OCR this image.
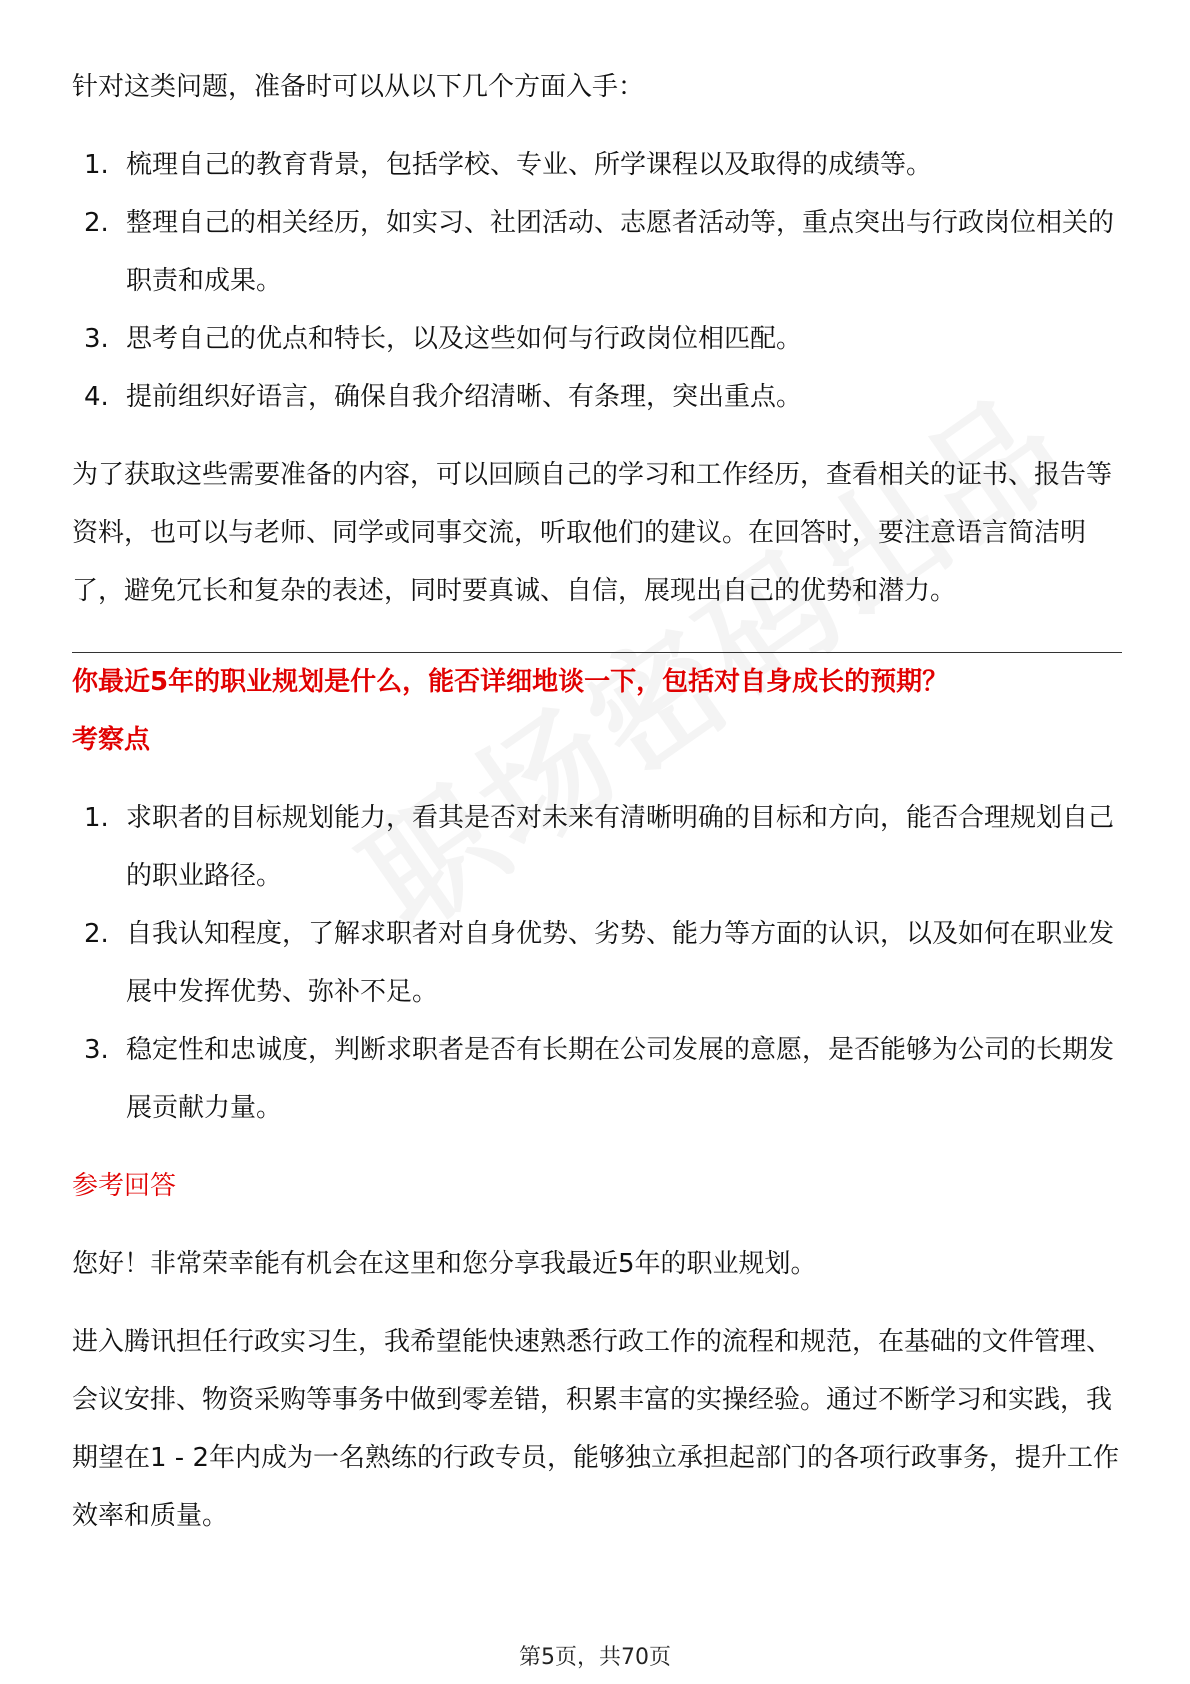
针对这类问题，准备时可以从以下几个方面入手：

1. 梳理自己的教育背景，包括学校、专业、所学课程以及取得的成绩等。
2. 整理自己的相关经历，如实习、社团活动、志愿者活动等，重点突出与行政岗位相关的职责和成果。
3. 思考自己的优点和特长，以及这些如何与行政岗位相匹配。
4. 提前组织好语言，确保自我介绍清晰、有条理，突出重点。

为了获取这些需要准备的内容，可以回顾自己的学习和工作经历，查看相关的证书、报告等资料，也可以与老师、同学或同事交流，听取他们的建议。在回答时，要注意语言简洁明了，避免冗长和复杂的表述，同时要真诚、自信，展现出自己的优势和潜力。

你最近5年的职业规划是什么，能否详细地谈一下，包括对自身成长的预期？

考察点

1. 求职者的目标规划能力，看其是否对未来有清晰明确的目标和方向，能否合理规划自己的职业路径。
2. 自我认知程度，了解求职者对自身优势、劣势、能力等方面的认识，以及如何在职业发展中发挥优势、弥补不足。
3. 稳定性和忠诚度，判断求职者是否有长期在公司发展的意愿，是否能够为公司的长期发展贡献力量。

参考回答

您好！非常荣幸能有机会在这里和您分享我最近5年的职业规划。

进入腾讯担任行政实习生，我希望能快速熟悉行政工作的流程和规范，在基础的文件管理、会议安排、物资采购等事务中做到零差错，积累丰富的实操经验。通过不断学习和实践，我期望在1 - 2年内成为一名熟练的行政专员，能够独立承担起部门的各项行政事务，提升工作效率和质量。

第5页，共70页
